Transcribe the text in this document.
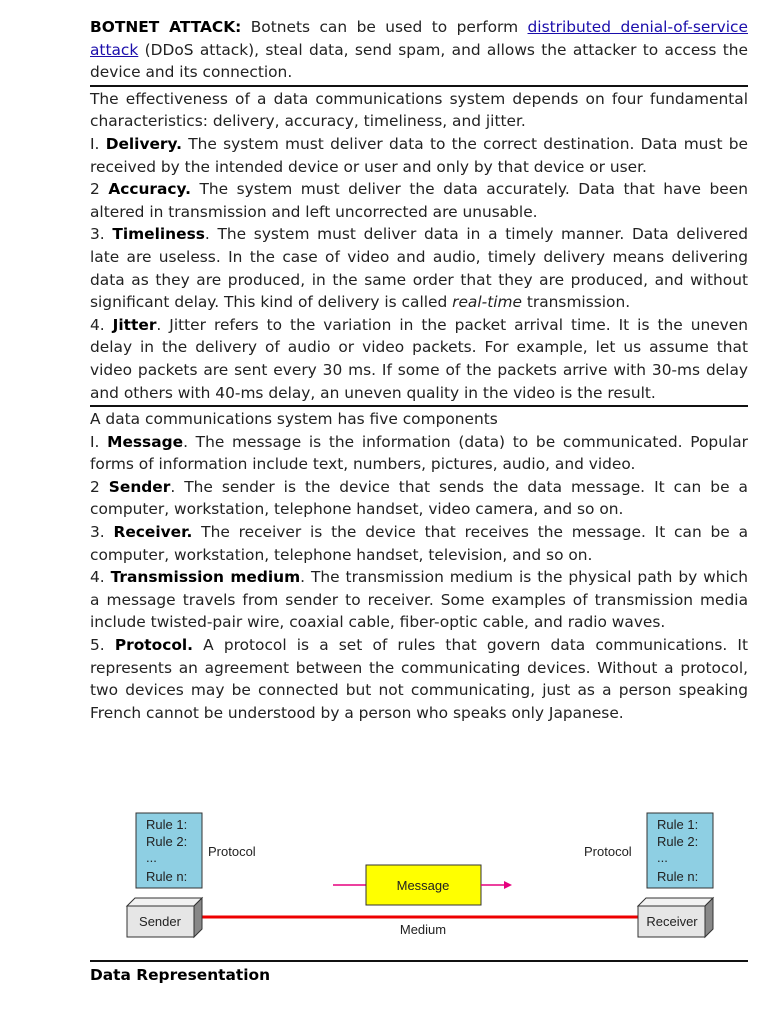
BOTNET ATTACK: Botnets can be used to perform distributed denial-of-service attack (DDoS attack), steal data, send spam, and allows the attacker to access the device and its connection.

The effectiveness of a data communications system depends on four fundamental characteristics: delivery, accuracy, timeliness, and jitter.

I. Delivery. The system must deliver data to the correct destination. Data must be received by the intended device or user and only by that device or user.

2 Accuracy. The system must deliver the data accurately. Data that have been altered in transmission and left uncorrected are unusable.

3. Timeliness. The system must deliver data in a timely manner. Data delivered late are useless. In the case of video and audio, timely delivery means delivering data as they are produced, in the same order that they are produced, and without significant delay. This kind of delivery is called real-time transmission.

4. Jitter. Jitter refers to the variation in the packet arrival time. It is the uneven delay in the delivery of audio or video packets. For example, let us assume that video packets are sent every 30 ms. If some of the packets arrive with 30-ms delay and others with 40-ms delay, an uneven quality in the video is the result.

A data communications system has five components

I. Message. The message is the information (data) to be communicated. Popular forms of information include text, numbers, pictures, audio, and video.

2 Sender. The sender is the device that sends the data message. It can be a computer, workstation, telephone handset, video camera, and so on.

3. Receiver. The receiver is the device that receives the message. It can be a computer, workstation, telephone handset, television, and so on.

4. Transmission medium. The transmission medium is the physical path by which a message travels from sender to receiver. Some examples of transmission media include twisted-pair wire, coaxial cable, fiber-optic cable, and radio waves.

5. Protocol. A protocol is a set of rules that govern data communications. It represents an agreement between the communicating devices. Without a protocol, two devices may be connected but not communicating, just as a person speaking French cannot be understood by a person who speaks only Japanese.

Rule 1:
Rule 2:
...
Rule n:
Protocol
Rule 1:
Rule 2:
...
Rule n:
Protocol
Message
Medium
Sender	Receiver
Data Representation
